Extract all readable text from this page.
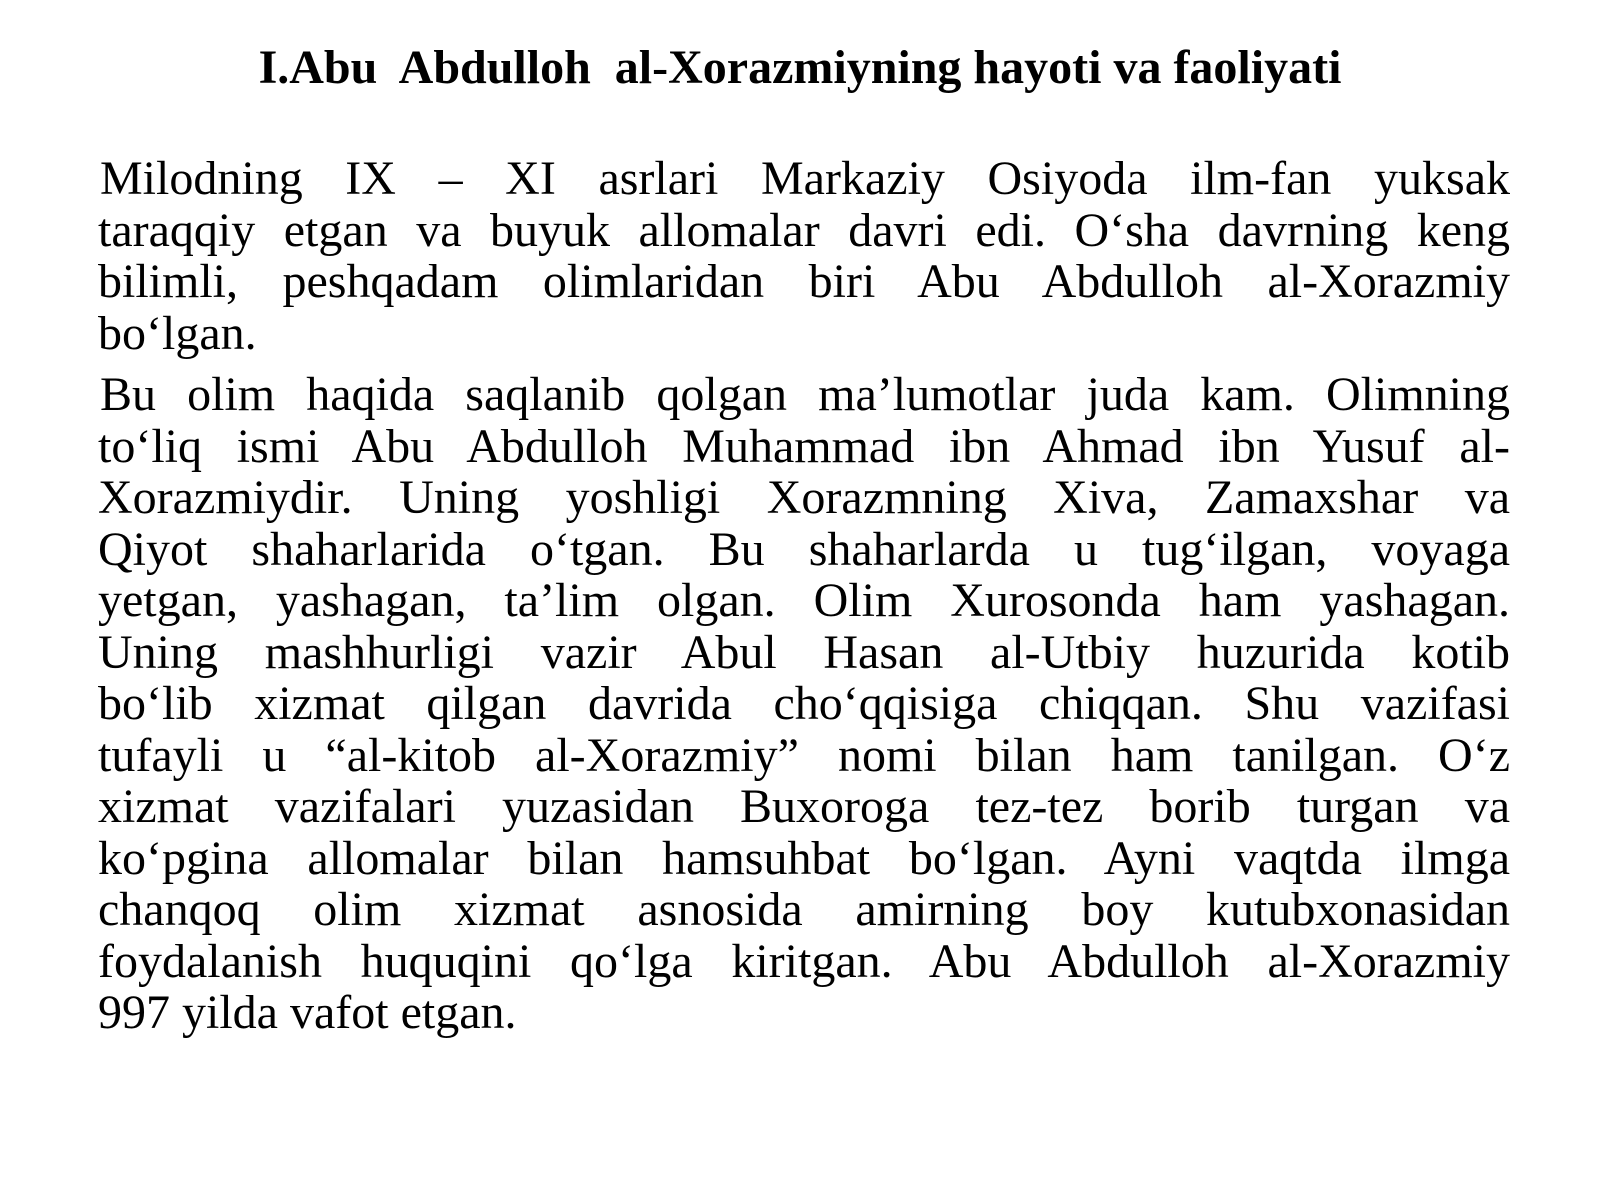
I.Abu  Abdulloh  al-Xorazmiyning hayoti va faoliyati

Milodning IX – XI asrlari Markaziy Osiyoda ilm-fan yuksak
taraqqiy etgan va buyuk allomalar davri edi. O‘sha davrning keng
bilimli, peshqadam olimlaridan biri Abu Abdulloh al-Xorazmiy
bo‘lgan.

Bu olim haqida saqlanib qolgan ma’lumotlar juda kam. Olimning
to‘liq ismi Abu Abdulloh Muhammad ibn Ahmad ibn Yusuf al-
Xorazmiydir. Uning yoshligi Xorazmning Xiva, Zamaxshar va
Qiyot shaharlarida o‘tgan. Bu shaharlarda u tug‘ilgan, voyaga
yetgan, yashagan, ta’lim olgan. Olim Xurosonda ham yashagan.
Uning mashhurligi vazir Abul Hasan al-Utbiy huzurida kotib
bo‘lib xizmat qilgan davrida cho‘qqisiga chiqqan. Shu vazifasi
tufayli u “al-kitob al-Xorazmiy” nomi bilan ham tanilgan. O‘z
xizmat vazifalari yuzasidan Buxoroga tez-tez borib turgan va
ko‘pgina allomalar bilan hamsuhbat bo‘lgan. Ayni vaqtda ilmga
chanqoq olim xizmat asnosida amirning boy kutubxonasidan
foydalanish huquqini qo‘lga kiritgan. Abu Abdulloh al-Xorazmiy
997 yilda vafot etgan.
